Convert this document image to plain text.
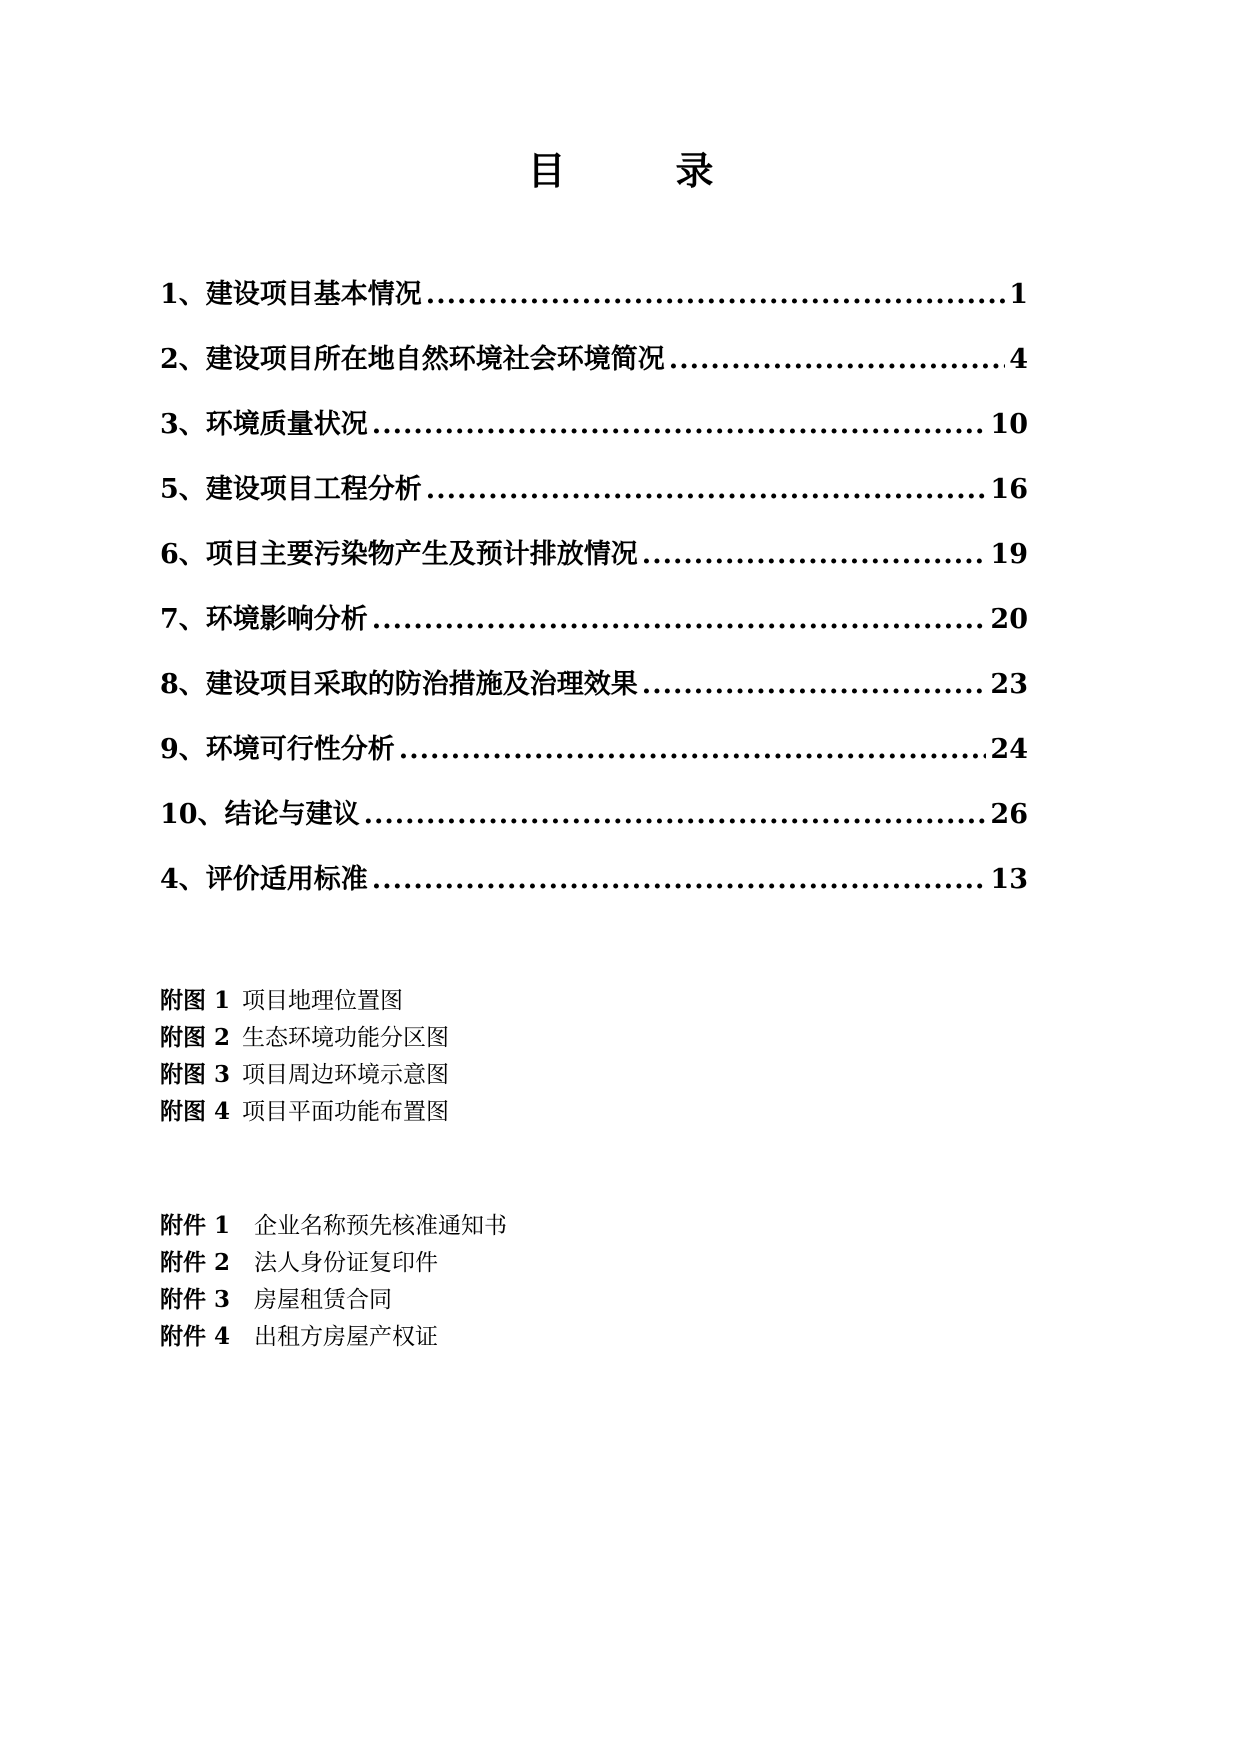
目　录
1、建设项目基本情况 .....	1
2、建设项目所在地自然环境社会环境简况 .....	4
3、环境质量状况 .....	10
5、建设项目工程分析 .....	16
6、项目主要污染物产生及预计排放情况 .....	19
7、环境影响分析 .....	20
8、建设项目采取的防治措施及治理效果 .....	23
9、环境可行性分析 .....	24
10、结论与建议 .....	26
4、评价适用标准 .....	13
附图 1 项目地理位置图
附图 2 生态环境功能分区图
附图 3 项目周边环境示意图
附图 4 项目平面功能布置图
附件 1	企业名称预先核准通知书
附件 2	法人身份证复印件
附件 3	房屋租赁合同
附件 4	出租方房屋产权证
